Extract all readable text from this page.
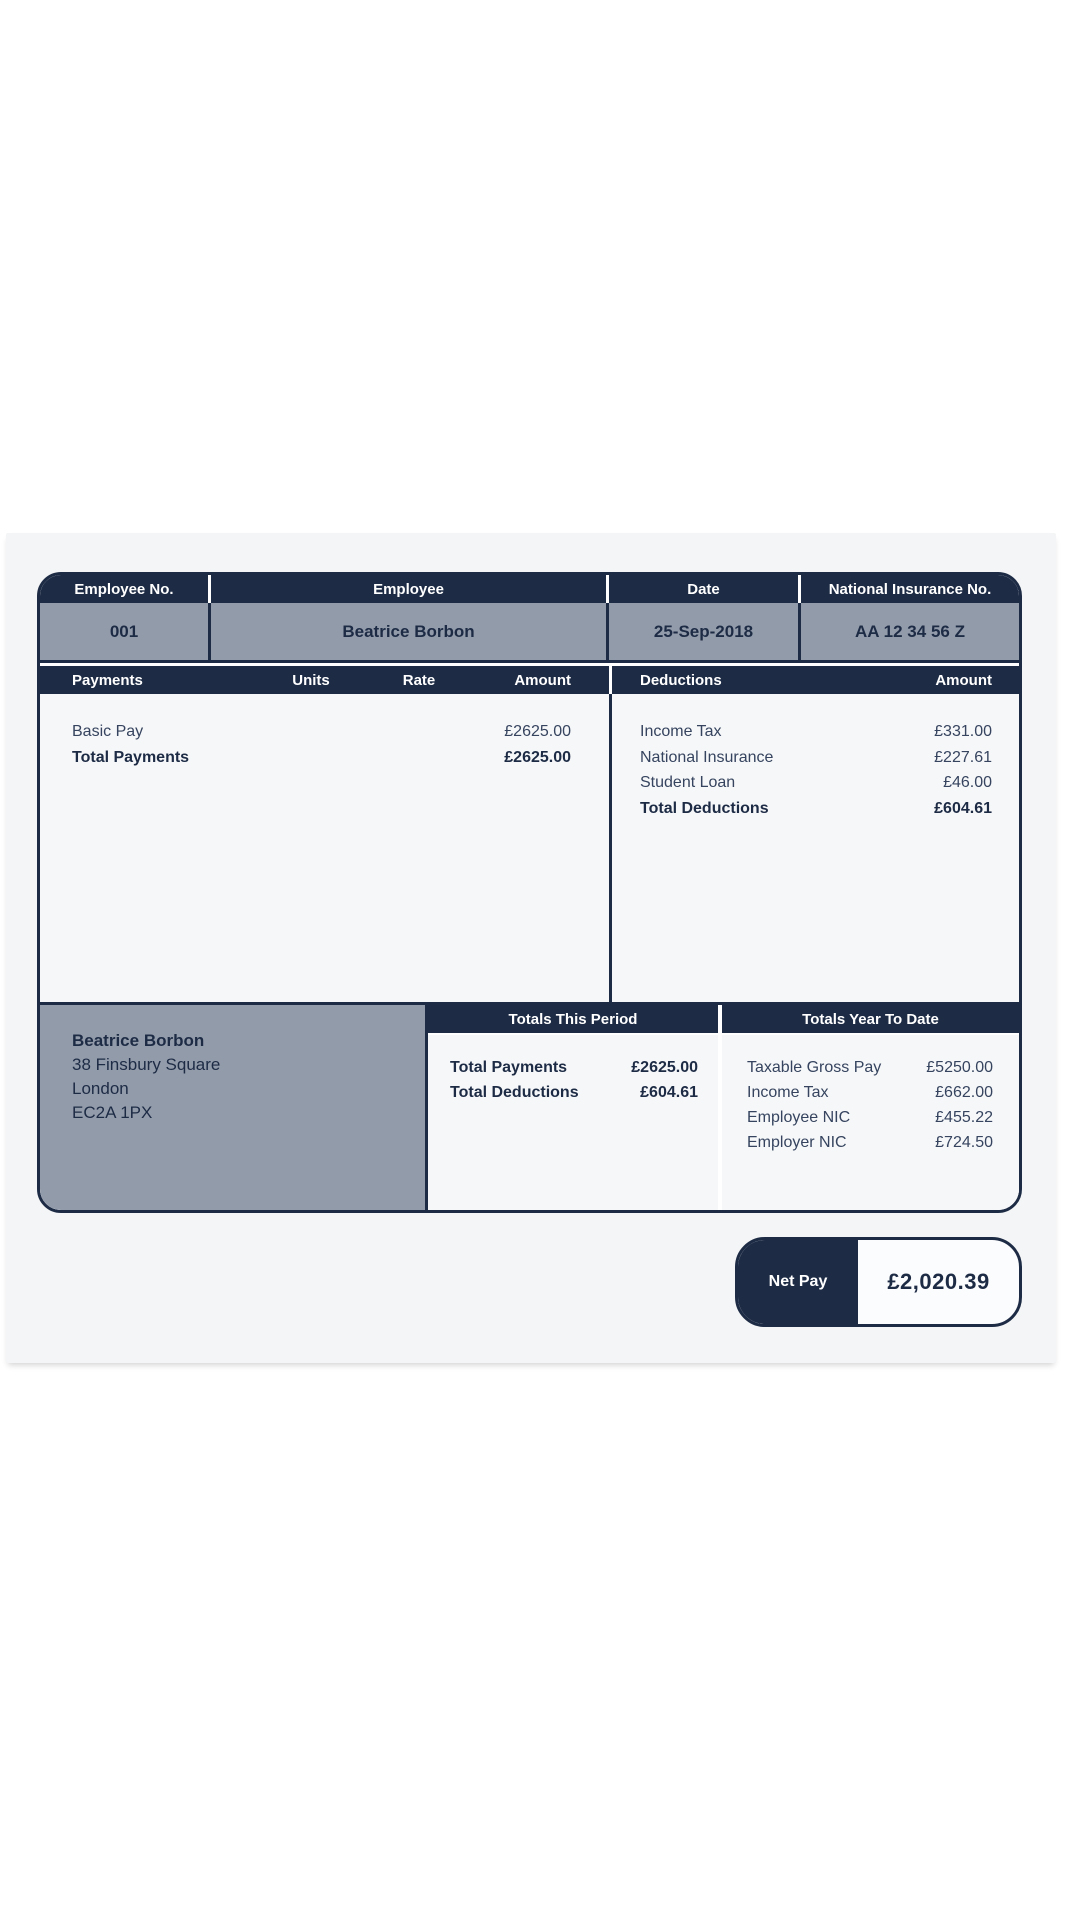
Employee No.	Employee	Date	National Insurance No.
001	Beatrice Borbon	25-Sep-2018	AA 12 34 56 Z
Payments	Units	Rate	Amount	Deductions	Amount
Basic Pay	£2625.00
Total Payments	£2625.00
Income Tax	£331.00
National Insurance	£227.61
Student Loan	£46.00
Total Deductions	£604.61
Beatrice Borbon
38 Finsbury Square
London
EC2A 1PX
Totals This Period
Total Payments	£2625.00
Total Deductions	£604.61
Totals Year To Date
Taxable Gross Pay	£5250.00
Income Tax	£662.00
Employee NIC	£455.22
Employer NIC	£724.50
Net Pay	£2,020.39
